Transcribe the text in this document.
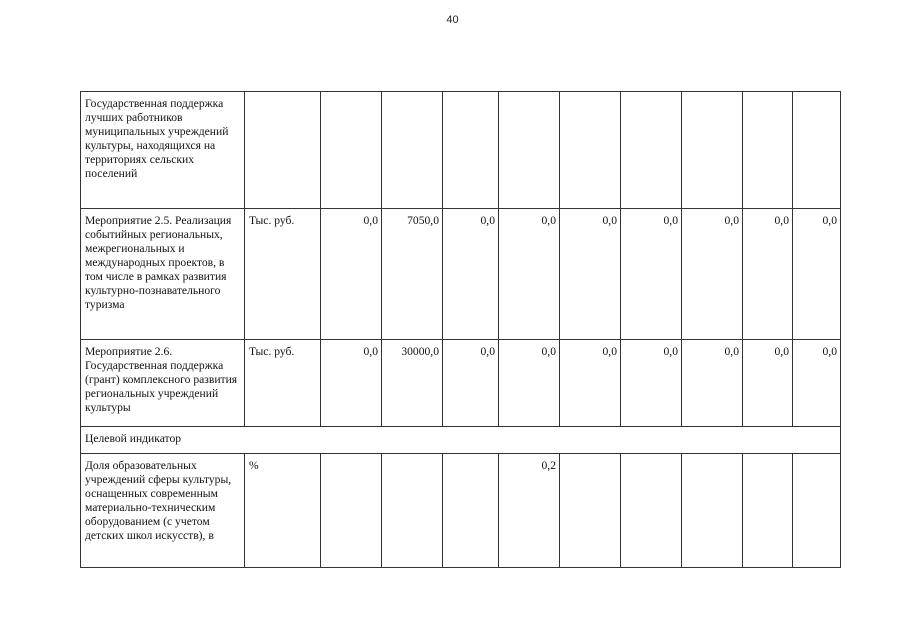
40
Государственная поддержка лучших работников муниципальных учреждений культуры, находящихся на территориях сельских поселений										
Мероприятие 2.5. Реализация событийных региональных, межрегиональных и международных проектов, в том числе в рамках развития культурно-познавательного туризма	Тыс. руб.	0,0	7050,0	0,0	0,0	0,0	0,0	0,0	0,0	0,0
Мероприятие 2.6. Государственная поддержка (грант) комплексного развития региональных учреждений культуры	Тыс. руб.	0,0	30000,0	0,0	0,0	0,0	0,0	0,0	0,0	0,0
Целевой индикатор										
Доля образовательных учреждений сферы культуры, оснащенных современным материально-техническим оборудованием (с учетом детских школ искусств), в	%				0,2					
